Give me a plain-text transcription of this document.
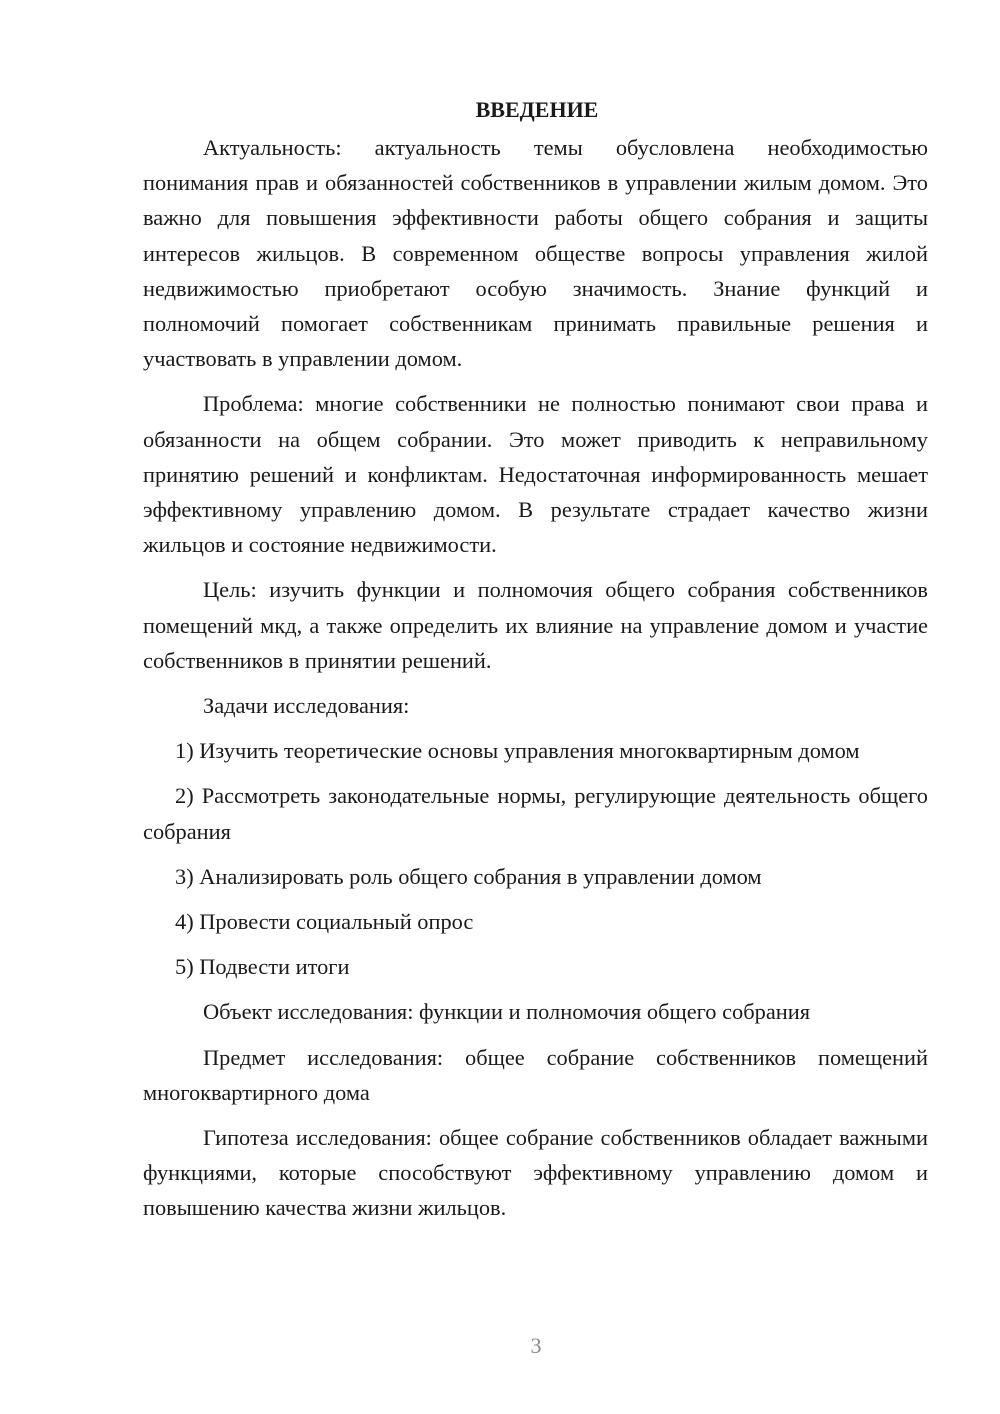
ВВЕДЕНИЕ

Актуальность: актуальность темы обусловлена необходимостью понимания прав и обязанностей собственников в управлении жилым домом. Это важно для повышения эффективности работы общего собрания и защиты интересов жильцов. В современном обществе вопросы управления жилой недвижимостью приобретают особую значимость. Знание функций и полномочий помогает собственникам принимать правильные решения и участвовать в управлении домом.

Проблема: многие собственники не полностью понимают свои права и обязанности на общем собрании. Это может приводить к неправильному принятию решений и конфликтам. Недостаточная информированность мешает эффективному управлению домом. В результате страдает качество жизни жильцов и состояние недвижимости.

Цель: изучить функции и полномочия общего собрания собственников помещений мкд, а также определить их влияние на управление домом и участие собственников в принятии решений.

Задачи исследования:

1) Изучить теоретические основы управления многоквартирным домом

2) Рассмотреть законодательные нормы, регулирующие деятельность общего собрания

3) Анализировать роль общего собрания в управлении домом

4) Провести социальный опрос

5) Подвести итоги

Объект исследования: функции и полномочия общего собрания

Предмет исследования: общее собрание собственников помещений многоквартирного дома

Гипотеза исследования: общее собрание собственников обладает важными функциями, которые способствуют эффективному управлению домом и повышению качества жизни жильцов.

3
